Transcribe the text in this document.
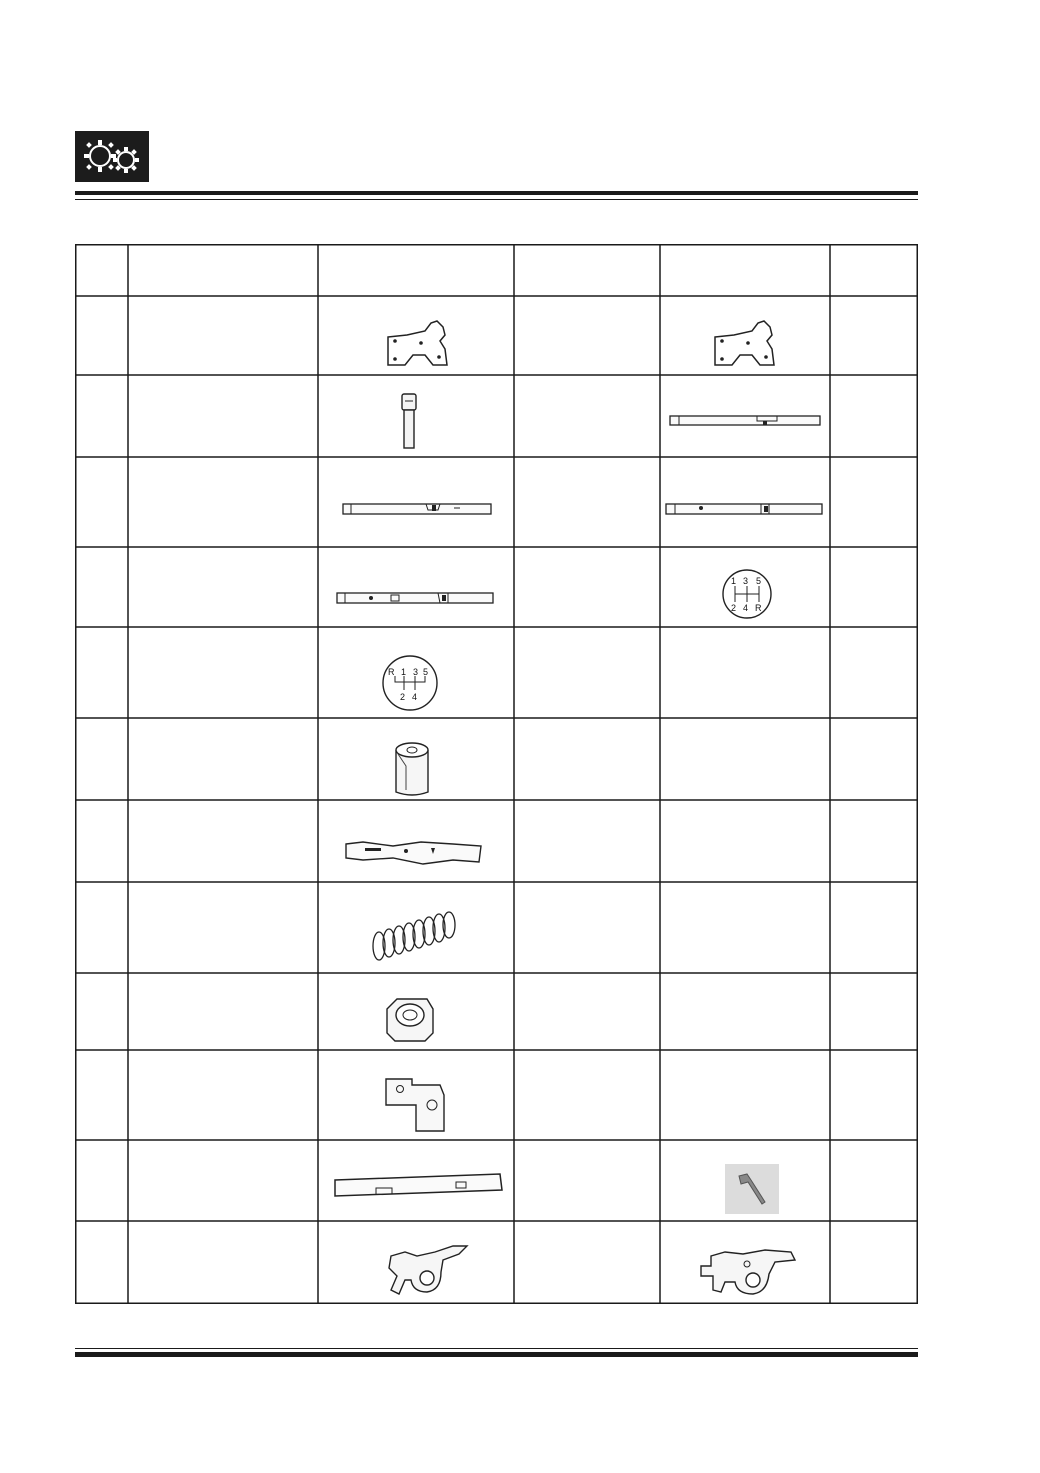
1 3 5
2 4 R
R 1 3 5
2 4
